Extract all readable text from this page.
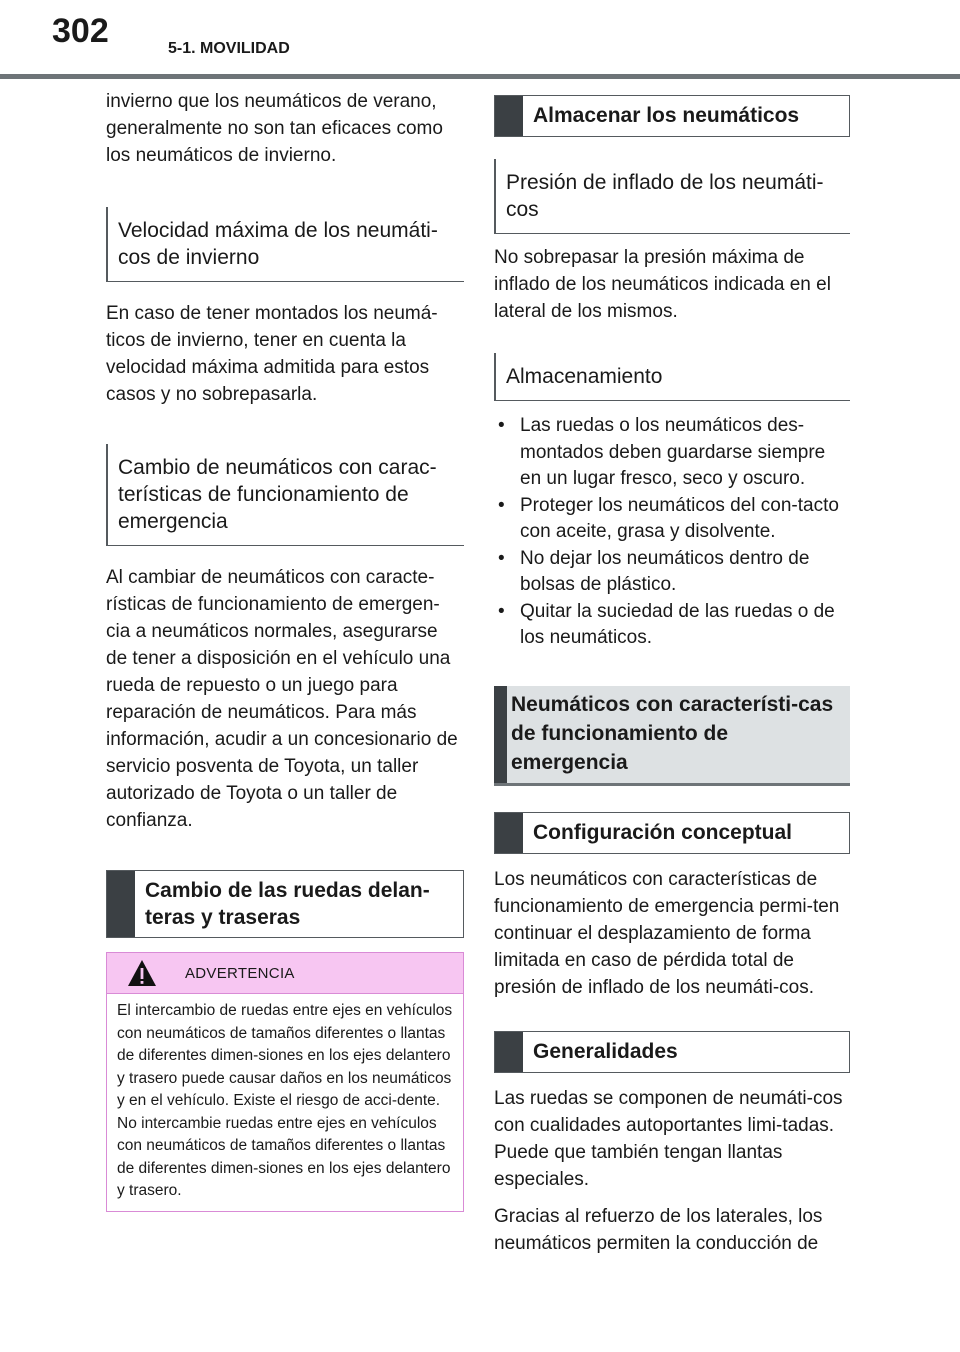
302	5-1. MOVILIDAD

invierno que los neumáticos de verano, generalmente no son tan eficaces como los neumáticos de invierno.

Velocidad máxima de los neumáti-cos de invierno

En caso de tener montados los neumá-ticos de invierno, tener en cuenta la velocidad máxima admitida para estos casos y no sobrepasarla.

Cambio de neumáticos con carac-terísticas de funcionamiento de emergencia

Al cambiar de neumáticos con caracte-rísticas de funcionamiento de emergen-cia a neumáticos normales, asegurarse de tener a disposición en el vehículo una rueda de repuesto o un juego para reparación de neumáticos. Para más información, acudir a un concesionario de servicio posventa de Toyota, un taller autorizado de Toyota o un taller de confianza.

Cambio de las ruedas delan-teras y traseras
ADVERTENCIA
El intercambio de ruedas entre ejes en vehículos con neumáticos de tamaños diferentes o llantas de diferentes dimen-siones en los ejes delantero y trasero puede causar daños en los neumáticos y en el vehículo. Existe el riesgo de acci-dente. No intercambie ruedas entre ejes en vehículos con neumáticos de tamaños diferentes o llantas de diferentes dimen-siones en los ejes delantero y trasero.
Almacenar los neumáticos
Presión de inflado de los neumáti-cos

No sobrepasar la presión máxima de inflado de los neumáticos indicada en el lateral de los mismos.

Almacenamiento
• Las ruedas o los neumáticos des-montados deben guardarse siempre en un lugar fresco, seco y oscuro.
• Proteger los neumáticos del con-tacto con aceite, grasa y disolvente.
• No dejar los neumáticos dentro de bolsas de plástico.
• Quitar la suciedad de las ruedas o de los neumáticos.
Neumáticos con característi-cas de funcionamiento de emergencia
Configuración conceptual

Los neumáticos con características de funcionamiento de emergencia permi-ten continuar el desplazamiento de forma limitada en caso de pérdida total de presión de inflado de los neumáti-cos.

Generalidades

Las ruedas se componen de neumáti-cos con cualidades autoportantes limi-tadas. Puede que también tengan llantas especiales.

Gracias al refuerzo de los laterales, los neumáticos permiten la conducción de
